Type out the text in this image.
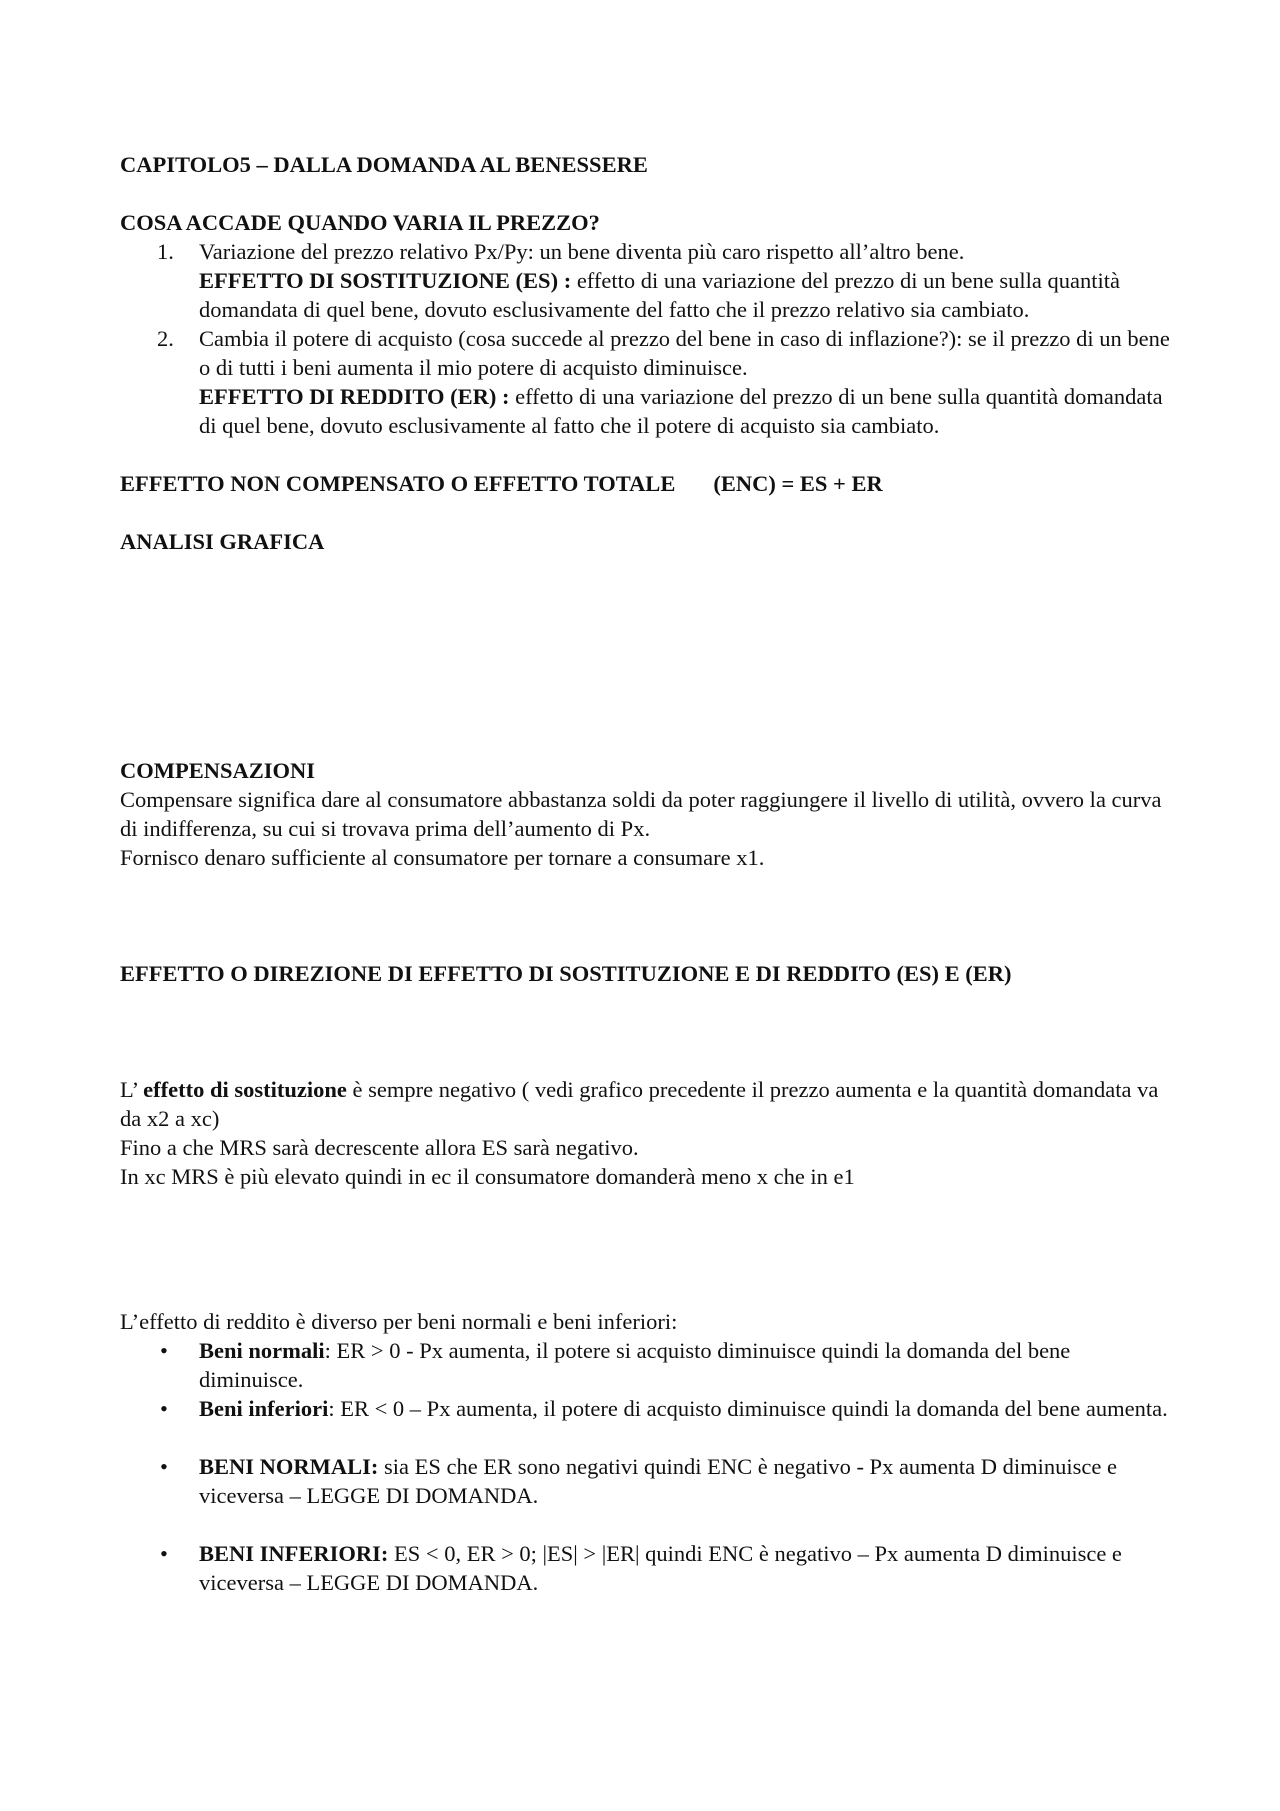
CAPITOLO5 – DALLA DOMANDA AL BENESSERE

COSA ACCADE QUANDO VARIA IL PREZZO?

1. Variazione del prezzo relativo Px/Py: un bene diventa più caro rispetto all’altro bene.
EFFETTO DI SOSTITUZIONE (ES) : effetto di una variazione del prezzo di un bene sulla quantità domandata di quel bene, dovuto esclusivamente del fatto che il prezzo relativo sia cambiato.
2. Cambia il potere di acquisto (cosa succede al prezzo del bene in caso di inflazione?): se il prezzo di un bene o di tutti i beni aumenta il mio potere di acquisto diminuisce.
EFFETTO DI REDDITO (ER) : effetto di una variazione del prezzo di un bene sulla quantità domandata di quel bene, dovuto esclusivamente al fatto che il potere di acquisto sia cambiato.

EFFETTO NON COMPENSATO O EFFETTO TOTALE (ENC) = ES + ER

ANALISI GRAFICA

COMPENSAZIONI

Compensare significa dare al consumatore abbastanza soldi da poter raggiungere il livello di utilità, ovvero la curva di indifferenza, su cui si trovava prima dell’aumento di Px.

Fornisco denaro sufficiente al consumatore per tornare a consumare x1.

EFFETTO O DIREZIONE DI EFFETTO DI SOSTITUZIONE E DI REDDITO (ES) E (ER)

L’ effetto di sostituzione è sempre negativo ( vedi grafico precedente il prezzo aumenta e la quantità domandata va da x2 a xc)

Fino a che MRS sarà decrescente allora ES sarà negativo.

In xc MRS è più elevato quindi in ec il consumatore domanderà meno x che in e1

L’effetto di reddito è diverso per beni normali e beni inferiori:

• Beni normali: ER > 0 - Px aumenta, il potere si acquisto diminuisce quindi la domanda del bene diminuisce.
• Beni inferiori: ER < 0 – Px aumenta, il potere di acquisto diminuisce quindi la domanda del bene aumenta.
• BENI NORMALI: sia ES che ER sono negativi quindi ENC è negativo - Px aumenta D diminuisce e viceversa – LEGGE DI DOMANDA.
• BENI INFERIORI: ES < 0, ER > 0; |ES| > |ER| quindi ENC è negativo – Px aumenta D diminuisce e viceversa – LEGGE DI DOMANDA.
